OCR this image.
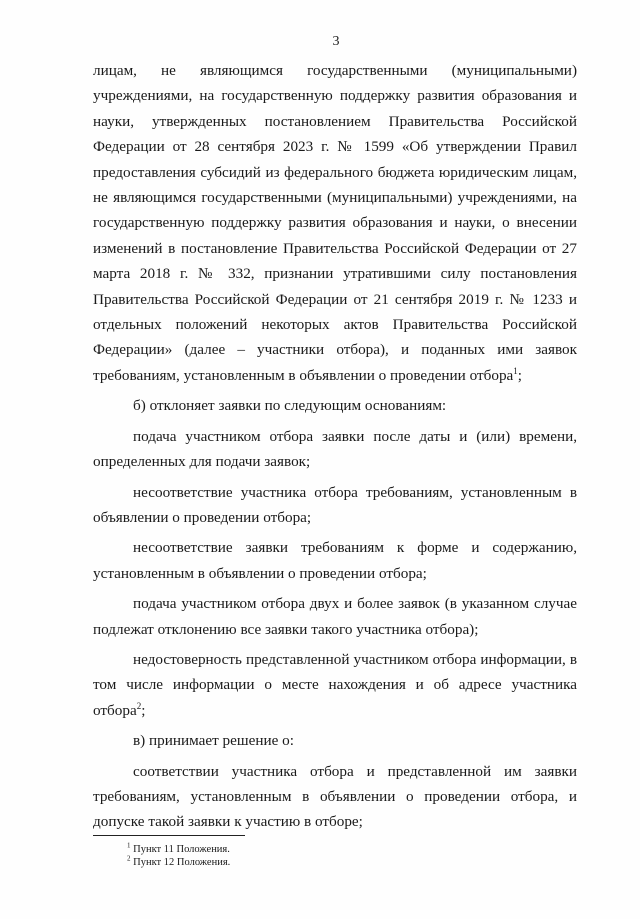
3

лицам, не являющимся государственными (муниципальными) учреждениями, на государственную поддержку развития образования и науки, утвержденных постановлением Правительства Российской Федерации от 28 сентября 2023 г. № 1599 «Об утверждении Правил предоставления субсидий из федерального бюджета юридическим лицам, не являющимся государственными (муниципальными) учреждениями, на государственную поддержку развития образования и науки, о внесении изменений в постановление Правительства Российской Федерации от 27 марта 2018 г. № 332, признании утратившими силу постановления Правительства Российской Федерации от 21 сентября 2019 г. № 1233 и отдельных положений некоторых актов Правительства Российской Федерации» (далее – участники отбора), и поданных ими заявок требованиям, установленным в объявлении о проведении отбора$^1$;

б) отклоняет заявки по следующим основаниям:

подача участником отбора заявки после даты и (или) времени, определенных для подачи заявок;

несоответствие участника отбора требованиям, установленным в объявлении о проведении отбора;

несоответствие заявки требованиям к форме и содержанию, установленным в объявлении о проведении отбора;

подача участником отбора двух и более заявок (в указанном случае подлежат отклонению все заявки такого участника отбора);

недостоверность представленной участником отбора информации, в том числе информации о месте нахождения и об адресе участника отбора$^2$;

в) принимает решение о:

соответствии участника отбора и представленной им заявки требованиям, установленным в объявлении о проведении отбора, и допуске такой заявки к участию в отборе;

$^1$ Пункт 11 Положения.
$^2$ Пункт 12 Положения.
